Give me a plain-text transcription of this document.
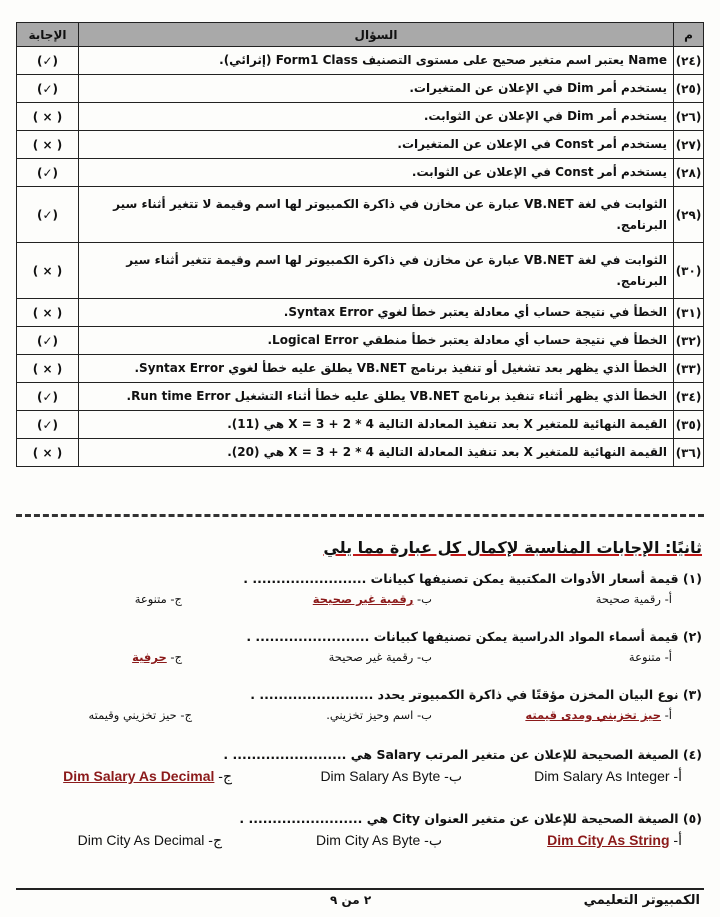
م	السؤال	الإجابة
(٢٤)	Name يعتبر اسم متغير صحيح على مستوى التصنيف Form1 Class (إثرائي).	(✓)
(٢٥)	يستخدم أمر Dim في الإعلان عن المتغيرات.	(✓)
(٢٦)	يستخدم أمر Dim في الإعلان عن الثوابت.	( × )
(٢٧)	يستخدم أمر Const في الإعلان عن المتغيرات.	( × )
(٢٨)	يستخدم أمر Const في الإعلان عن الثوابت.	(✓)
(٢٩)	الثوابت في لغة VB.NET عبارة عن مخازن في ذاكرة الكمبيوتر لها اسم وقيمة لا تتغير أثناء سير البرنامج.	(✓)
(٣٠)	الثوابت في لغة VB.NET عبارة عن مخازن في ذاكرة الكمبيوتر لها اسم وقيمة تتغير أثناء سير البرنامج.	( × )
(٣١)	الخطأ في نتيجة حساب أي معادلة يعتبر خطأ لغوي Syntax Error.	( × )
(٣٢)	الخطأ في نتيجة حساب أي معادلة يعتبر خطأ منطقي Logical Error.	(✓)
(٣٣)	الخطأ الذي يظهر بعد تشغيل أو تنفيذ برنامج VB.NET يطلق عليه خطأ لغوي Syntax Error.	( × )
(٣٤)	الخطأ الذي يظهر أثناء تنفيذ برنامج VB.NET يطلق عليه خطأ أثناء التشغيل Run time Error.	(✓)
(٣٥)	القيمة النهائية للمتغير X بعد تنفيذ المعادلة التالية X = 3 + 2 * 4 هي (11).	(✓)
(٣٦)	القيمة النهائية للمتغير X بعد تنفيذ المعادلة التالية X = 3 + 2 * 4 هي (20).	( × )
ثانيًا: الإجابات المناسبة لإكمال كل عبارة مما يلي
(١) قيمة أسعار الأدوات المكتبية يمكن تصنيفها كبيانات ........................ .
أ- رقمية صحيحة
ب- رقمية غير صحيحة
ج- متنوعة
(٢) قيمة أسماء المواد الدراسية يمكن تصنيفها كبيانات ........................ .
أ- متنوعة
ب- رقمية غير صحيحة
ج- حرفية
(٣) نوع البيان المخزن مؤقتًا في ذاكرة الكمبيوتر يحدد ........................ .
أ- حيز تخزيني ومدى قيمته
ب- اسم وحيز تخزيني.
ج- حيز تخزيني وقيمته
(٤) الصيغة الصحيحة للإعلان عن متغير المرتب Salary هي ........................ .
أ- Dim Salary As Integer
ب- Dim Salary As Byte
ج- Dim Salary As Decimal
(٥) الصيغة الصحيحة للإعلان عن متغير العنوان City هي ........................ .
أ- Dim City As String
ب- Dim City As Byte
ج- Dim City As Decimal
الكمبيوتر التعليمي
٢ من ٩
